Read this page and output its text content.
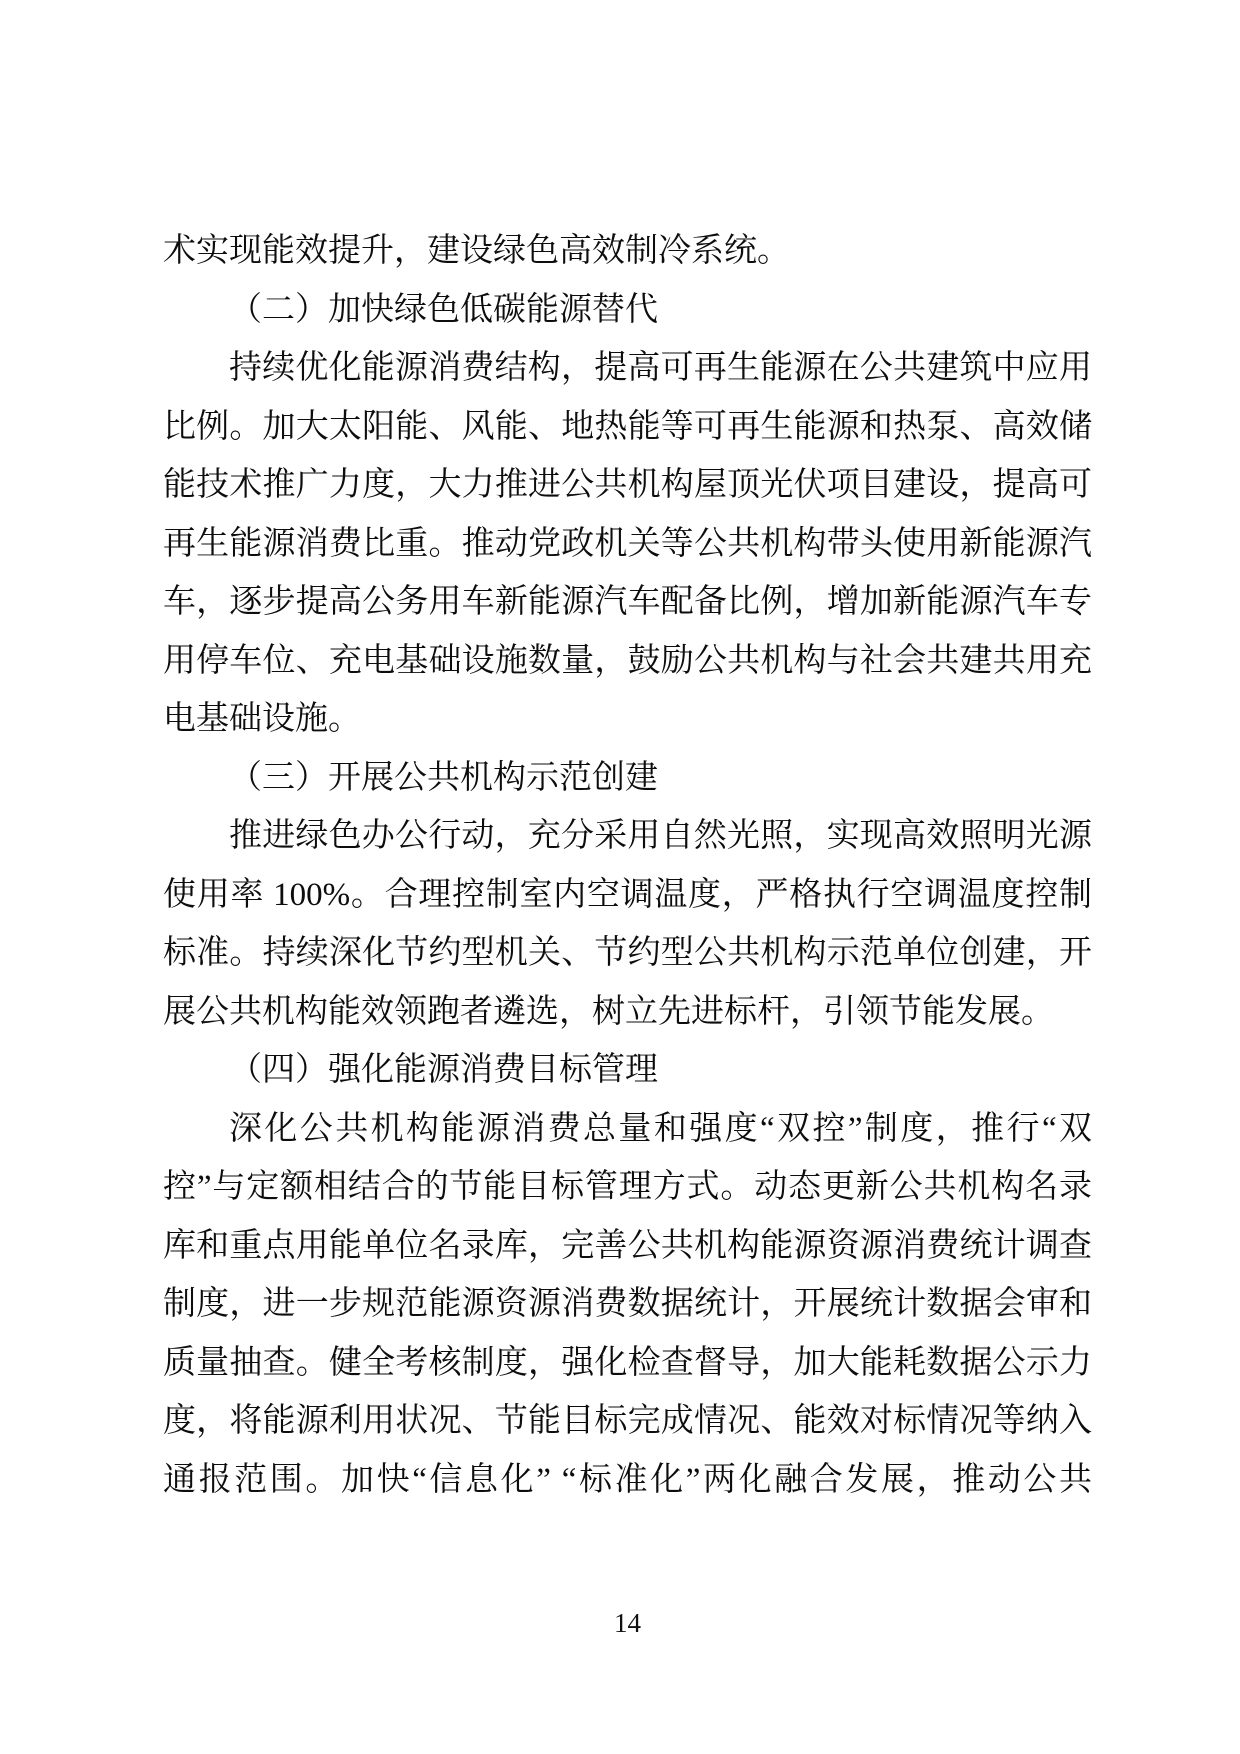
术实现能效提升，建设绿色高效制冷系统。
（二）加快绿色低碳能源替代
持续优化能源消费结构，提高可再生能源在公共建筑中应用
比例。加大太阳能、风能、地热能等可再生能源和热泵、高效储
能技术推广力度，大力推进公共机构屋顶光伏项目建设，提高可
再生能源消费比重。推动党政机关等公共机构带头使用新能源汽
车，逐步提高公务用车新能源汽车配备比例，增加新能源汽车专
用停车位、充电基础设施数量，鼓励公共机构与社会共建共用充
电基础设施。
（三）开展公共机构示范创建
推进绿色办公行动，充分采用自然光照，实现高效照明光源
使用率 100%。合理控制室内空调温度，严格执行空调温度控制
标准。持续深化节约型机关、节约型公共机构示范单位创建，开
展公共机构能效领跑者遴选，树立先进标杆，引领节能发展。
（四）强化能源消费目标管理
深化公共机构能源消费总量和强度“双控”制度，推行“双
控”与定额相结合的节能目标管理方式。动态更新公共机构名录
库和重点用能单位名录库，完善公共机构能源资源消费统计调查
制度，进一步规范能源资源消费数据统计，开展统计数据会审和
质量抽查。健全考核制度，强化检查督导，加大能耗数据公示力
度，将能源利用状况、节能目标完成情况、能效对标情况等纳入
通报范围。加快“信息化” “标准化”两化融合发展，推动公共
14
